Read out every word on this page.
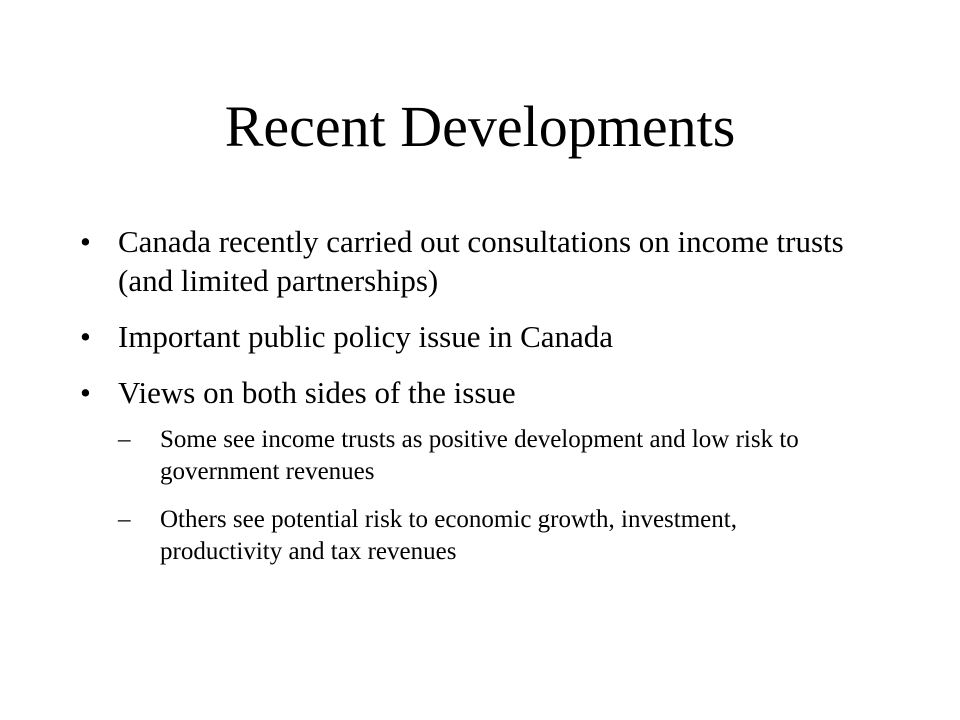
Recent Developments
• Canada recently carried out consultations on income trusts (and limited partnerships)
• Important public policy issue in Canada
• Views on both sides of the issue
–	Some see income trusts as positive development and low risk to government revenues
–	Others see potential risk to economic growth, investment, productivity and tax revenues
